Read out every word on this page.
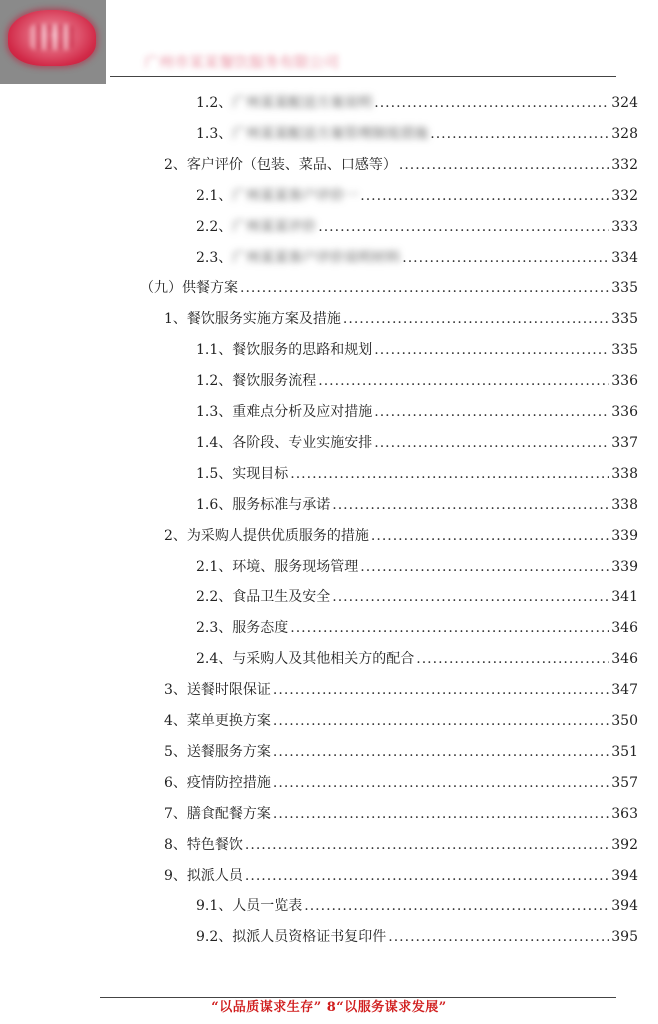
广州市某某餐饮服务有限公司
1.2、 广州某某配送方案说明 .....	324
1.3、 广州某某配送方案管理制度措施 .....	328
2、客户评价（包装、菜品、口感等） .....	332
2.1、 广州某某客户评价一 .....	332
2.2、 广州某某评价 .....	333
2.3、 广州某某客户评价说明材料 .....	334
（九）供餐方案 .....	335
1、餐饮服务实施方案及措施 .....	335
1.1、餐饮服务的思路和规划 .....	335
1.2、餐饮服务流程 .....	336
1.3、重难点分析及应对措施 .....	336
1.4、各阶段、专业实施安排 .....	337
1.5、实现目标 .....	338
1.6、服务标准与承诺 .....	338
2、为采购人提供优质服务的措施 .....	339
2.1、环境、服务现场管理 .....	339
2.2、食品卫生及安全 .....	341
2.3、服务态度 .....	346
2.4、与采购人及其他相关方的配合 .....	346
3、送餐时限保证 .....	347
4、菜单更换方案 .....	350
5、送餐服务方案 .....	351
6、疫情防控措施 .....	357
7、膳食配餐方案 .....	363
8、特色餐饮 .....	392
9、拟派人员 .....	394
9.1、人员一览表 .....	394
9.2、拟派人员资格证书复印件 .....	395
“以品质谋求生存” 8“以服务谋求发展”
